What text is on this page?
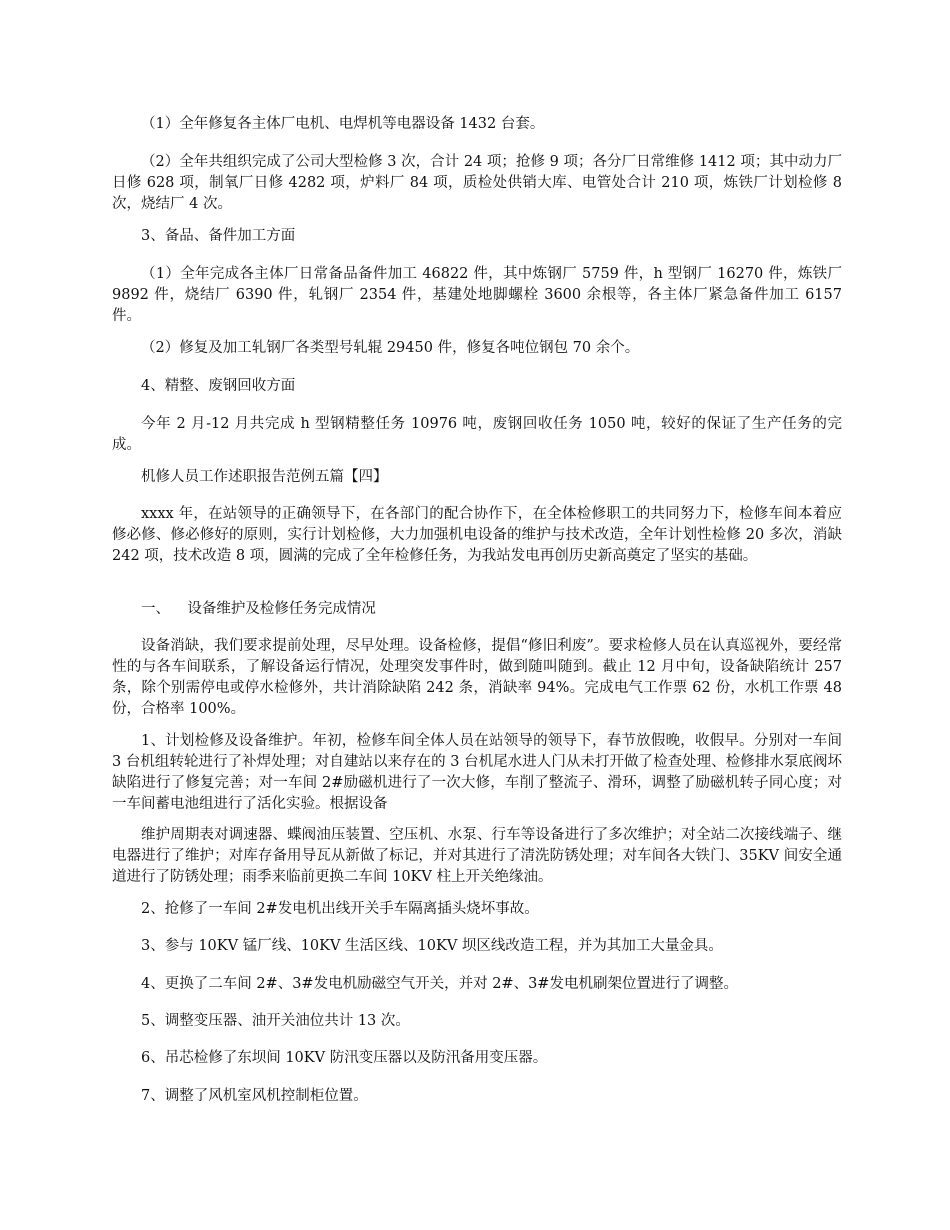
（1）全年修复各主体厂电机、电焊机等电器设备 1432 台套。

（2）全年共组织完成了公司大型检修 3 次，合计 24 项；抢修 9 项；各分厂日常维修 1412 项；其中动力厂日修 628 项，制氧厂日修 4282 项，炉料厂 84 项，质检处供销大库、电管处合计 210 项，炼铁厂计划检修 8 次，烧结厂 4 次。

3、备品、备件加工方面

（1）全年完成各主体厂日常备品备件加工 46822 件，其中炼钢厂 5759 件，h 型钢厂 16270 件，炼铁厂 9892 件，烧结厂 6390 件，轧钢厂 2354 件，基建处地脚螺栓 3600 余根等，各主体厂紧急备件加工 6157 件。

（2）修复及加工轧钢厂各类型号轧辊 29450 件，修复各吨位钢包 70 余个。

4、精整、废钢回收方面

今年 2 月-12 月共完成 h 型钢精整任务 10976 吨，废钢回收任务 1050 吨，较好的保证了生产任务的完成。

机修人员工作述职报告范例五篇【四】

xxxx 年，在站领导的正确领导下，在各部门的配合协作下，在全体检修职工的共同努力下，检修车间本着应修必修、修必修好的原则，实行计划检修，大力加强机电设备的维护与技术改造，全年计划性检修 20 多次，消缺 242 项，技术改造 8 项，圆满的完成了全年检修任务，为我站发电再创历史新高奠定了坚实的基础。

一、 设备维护及检修任务完成情况

设备消缺，我们要求提前处理，尽早处理。设备检修，提倡“修旧利废”。要求检修人员在认真巡视外，要经常性的与各车间联系，了解设备运行情况，处理突发事件时，做到随叫随到。截止 12 月中旬，设备缺陷统计 257 条，除个别需停电或停水检修外，共计消除缺陷 242 条，消缺率 94%。完成电气工作票 62 份，水机工作票 48 份，合格率 100%。

1、计划检修及设备维护。年初，检修车间全体人员在站领导的领导下，春节放假晚，收假早。分别对一车间 3 台机组转轮进行了补焊处理；对自建站以来存在的 3 台机尾水进人门从未打开做了检查处理、检修排水泵底阀坏缺陷进行了修复完善；对一车间 2#励磁机进行了一次大修，车削了整流子、滑环，调整了励磁机转子同心度；对一车间蓄电池组进行了活化实验。根据设备

维护周期表对调速器、蝶阀油压装置、空压机、水泵、行车等设备进行了多次维护；对全站二次接线端子、继电器进行了维护；对库存备用导瓦从新做了标记，并对其进行了清洗防锈处理；对车间各大铁门、35KV 间安全通道进行了防锈处理；雨季来临前更换二车间 10KV 柱上开关绝缘油。

2、抢修了一车间 2#发电机出线开关手车隔离插头烧坏事故。

3、参与 10KV 锰厂线、10KV 生活区线、10KV 坝区线改造工程，并为其加工大量金具。

4、更换了二车间 2#、3#发电机励磁空气开关，并对 2#、3#发电机刷架位置进行了调整。

5、调整变压器、油开关油位共计 13 次。

6、吊芯检修了东坝间 10KV 防汛变压器以及防汛备用变压器。

7、调整了风机室风机控制柜位置。
